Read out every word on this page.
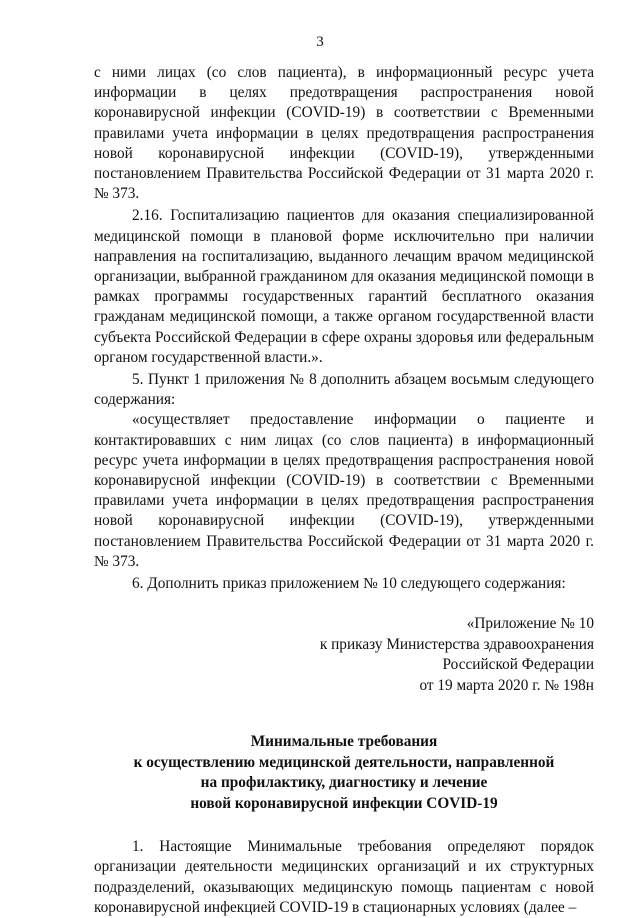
3

с ними лицах (со слов пациента), в информационный ресурс учета информации в целях предотвращения распространения новой коронавирусной инфекции (COVID-19) в соответствии с Временными правилами учета информации в целях предотвращения распространения новой коронавирусной инфекции (COVID-19), утвержденными постановлением Правительства Российской Федерации от 31 марта 2020 г. № 373.

2.16. Госпитализацию пациентов для оказания специализированной медицинской помощи в плановой форме исключительно при наличии направления на госпитализацию, выданного лечащим врачом медицинской организации, выбранной гражданином для оказания медицинской помощи в рамках программы государственных гарантий бесплатного оказания гражданам медицинской помощи, а также органом государственной власти субъекта Российской Федерации в сфере охраны здоровья или федеральным органом государственной власти.».

5. Пункт 1 приложения № 8 дополнить абзацем восьмым следующего содержания:

«осуществляет предоставление информации о пациенте и контактировавших с ним лицах (со слов пациента) в информационный ресурс учета информации в целях предотвращения распространения новой коронавирусной инфекции (COVID-19) в соответствии с Временными правилами учета информации в целях предотвращения распространения новой коронавирусной инфекции (COVID-19), утвержденными постановлением Правительства Российской Федерации от 31 марта 2020 г. № 373.

6. Дополнить приказ приложением № 10 следующего содержания:

«Приложение № 10
к приказу Министерства здравоохранения
Российской Федерации
от 19 марта 2020 г. № 198н
Минимальные требования
к осуществлению медицинской деятельности, направленной
на профилактику, диагностику и лечение
новой коронавирусной инфекции COVID-19

1. Настоящие Минимальные требования определяют порядок организации деятельности медицинских организаций и их структурных подразделений, оказывающих медицинскую помощь пациентам с новой коронавирусной инфекцией COVID-19 в стационарных условиях (далее –
